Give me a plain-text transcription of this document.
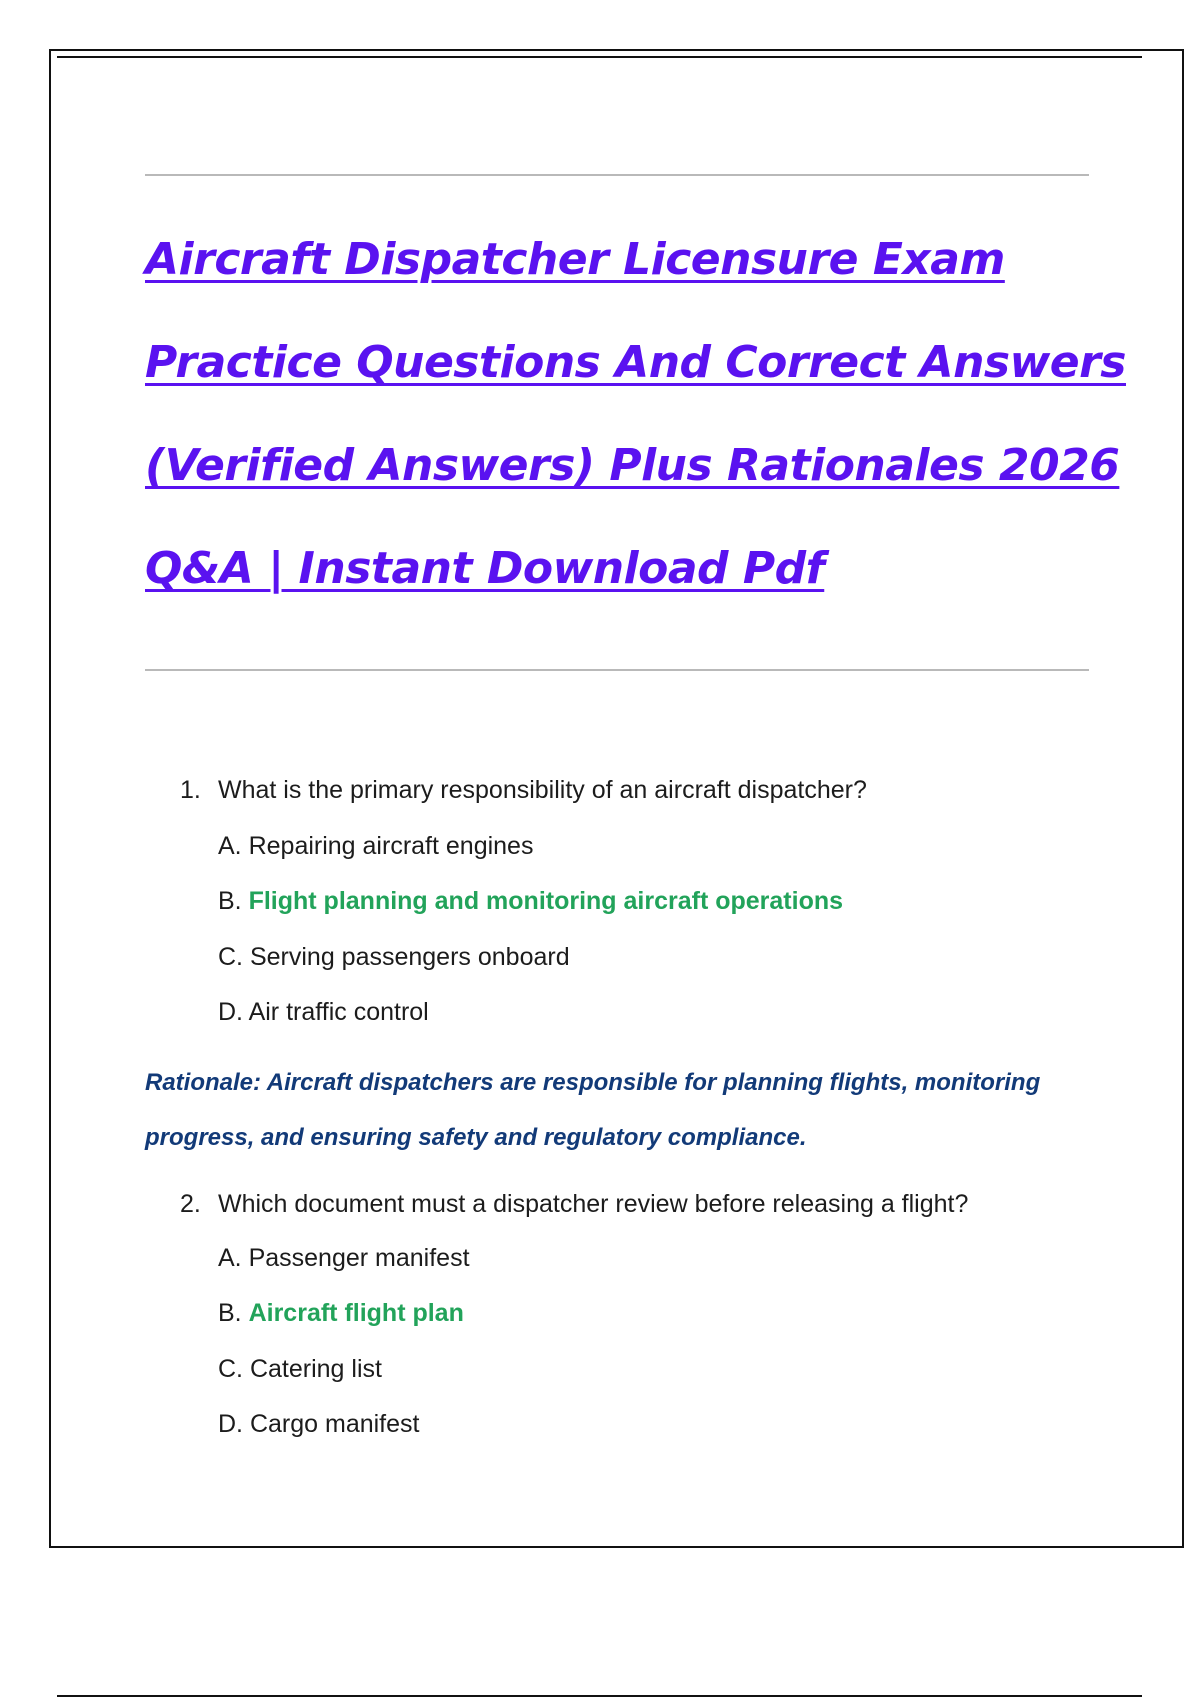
Aircraft Dispatcher Licensure Exam
Practice Questions And Correct Answers
(Verified Answers) Plus Rationales 2026
Q&A | Instant Download Pdf
1. What is the primary responsibility of an aircraft dispatcher?
A. Repairing aircraft engines
B. Flight planning and monitoring aircraft operations
C. Serving passengers onboard
D. Air traffic control
Rationale: Aircraft dispatchers are responsible for planning flights, monitoring progress, and ensuring safety and regulatory compliance.
2. Which document must a dispatcher review before releasing a flight?
A. Passenger manifest
B. Aircraft flight plan
C. Catering list
D. Cargo manifest
